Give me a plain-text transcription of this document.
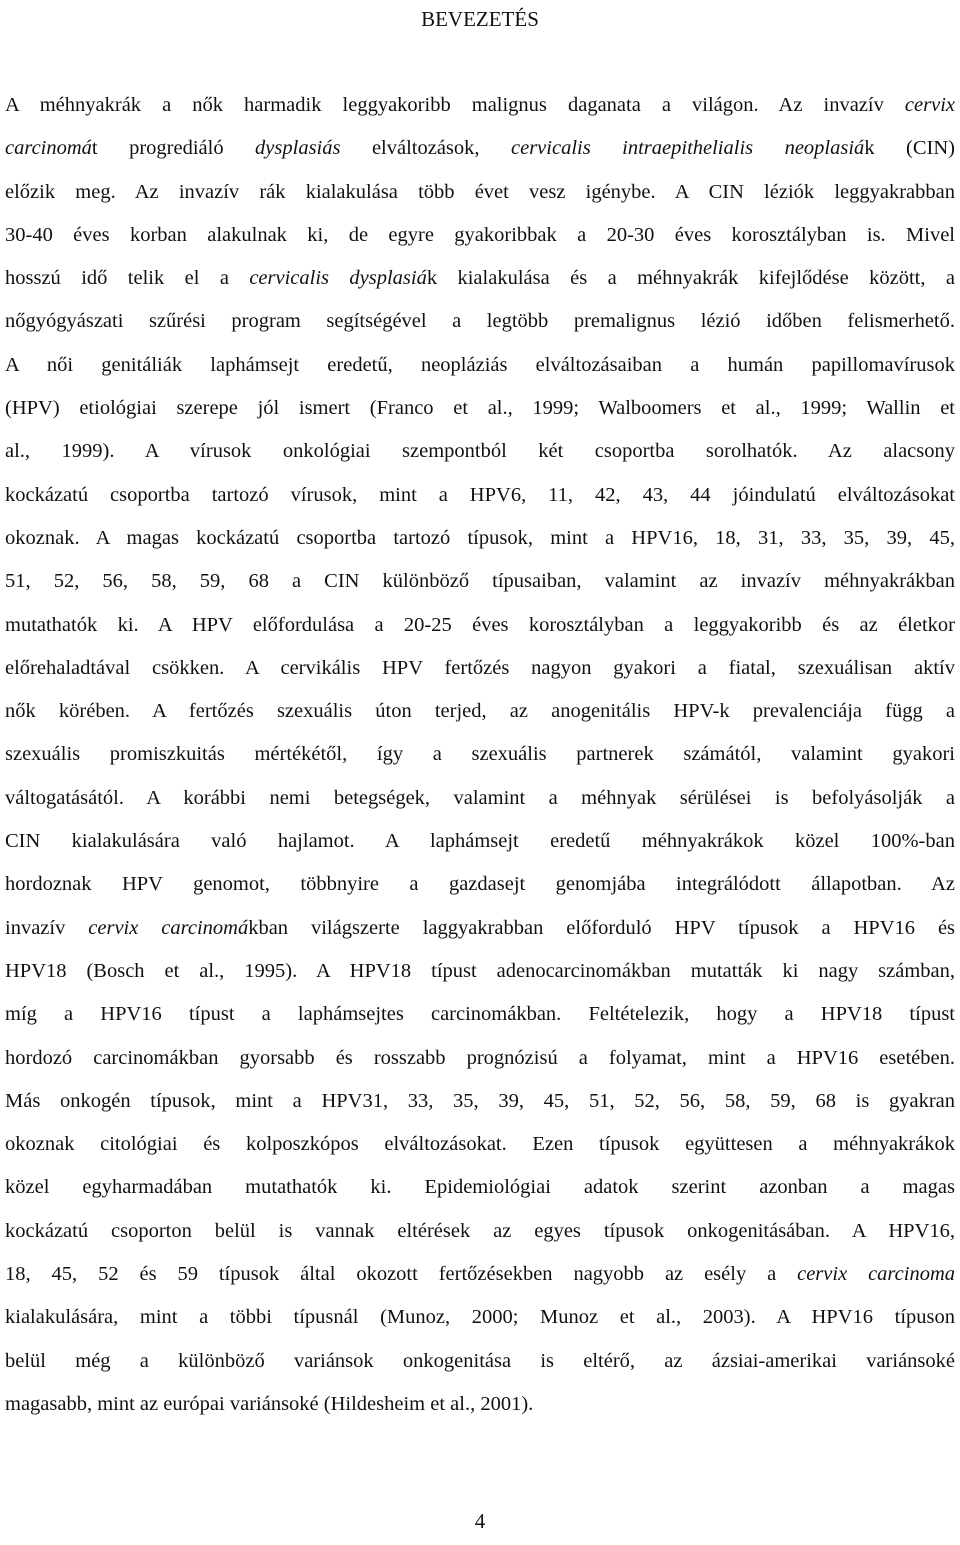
BEVEZETÉS
A méhnyakrák a nők harmadik leggyakoribb malignus daganata a világon. Az invazív cervix
carcinomát progrediáló dysplasiás elváltozások, cervicalis intraepithelialis neoplasiák (CIN)
előzik meg. Az invazív rák kialakulása több évet vesz igénybe. A CIN léziók leggyakrabban
30-40 éves korban alakulnak ki, de egyre gyakoribbak a 20-30 éves korosztályban is. Mivel
hosszú idő telik el a cervicalis dysplasiák kialakulása és a méhnyakrák kifejlődése között, a
nőgyógyászati szűrési program segítségével a legtöbb premalignus lézió időben felismerhető.
A női genitáliák laphámsejt eredetű, neopláziás elváltozásaiban a humán papillomavírusok
(HPV) etiológiai szerepe jól ismert (Franco et al., 1999; Walboomers et al., 1999; Wallin et
al., 1999). A vírusok onkológiai szempontból két csoportba sorolhatók. Az alacsony
kockázatú csoportba tartozó vírusok, mint a HPV6, 11, 42, 43, 44 jóindulatú elváltozásokat
okoznak. A magas kockázatú csoportba tartozó típusok, mint a HPV16, 18, 31, 33, 35, 39, 45,
51, 52, 56, 58, 59, 68 a CIN különböző típusaiban, valamint az invazív méhnyakrákban
mutathatók ki. A HPV előfordulása a 20-25 éves korosztályban a leggyakoribb és az életkor
előrehaladtával csökken. A cervikális HPV fertőzés nagyon gyakori a fiatal, szexuálisan aktív
nők körében. A fertőzés szexuális úton terjed, az anogenitális HPV-k prevalenciája függ a
szexuális promiszkuitás mértékétől, így a szexuális partnerek számától, valamint gyakori
váltogatásától. A korábbi nemi betegségek, valamint a méhnyak sérülései is befolyásolják a
CIN kialakulására való hajlamot. A laphámsejt eredetű méhnyakrákok közel 100%-ban
hordoznak HPV genomot, többnyire a gazdasejt genomjába integrálódott állapotban. Az
invazív cervix carcinomákban világszerte laggyakrabban előforduló HPV típusok a HPV16 és
HPV18 (Bosch et al., 1995). A HPV18 típust adenocarcinomákban mutatták ki nagy számban,
míg a HPV16 típust a laphámsejtes carcinomákban. Feltételezik, hogy a HPV18 típust
hordozó carcinomákban gyorsabb és rosszabb prognózisú a folyamat, mint a HPV16 esetében.
Más onkogén típusok, mint a HPV31, 33, 35, 39, 45, 51, 52, 56, 58, 59, 68 is gyakran
okoznak citológiai és kolposzkópos elváltozásokat. Ezen típusok együttesen a méhnyakrákok
közel egyharmadában mutathatók ki. Epidemiológiai adatok szerint azonban a magas
kockázatú csoporton belül is vannak eltérések az egyes típusok onkogenitásában. A HPV16,
18, 45, 52 és 59 típusok által okozott fertőzésekben nagyobb az esély a cervix carcinoma
kialakulására, mint a többi típusnál (Munoz, 2000; Munoz et al., 2003). A HPV16 típuson
belül még a különböző variánsok onkogenitása is eltérő, az ázsiai-amerikai variánsoké
magasabb, mint az európai variánsoké (Hildesheim et al., 2001).
4
